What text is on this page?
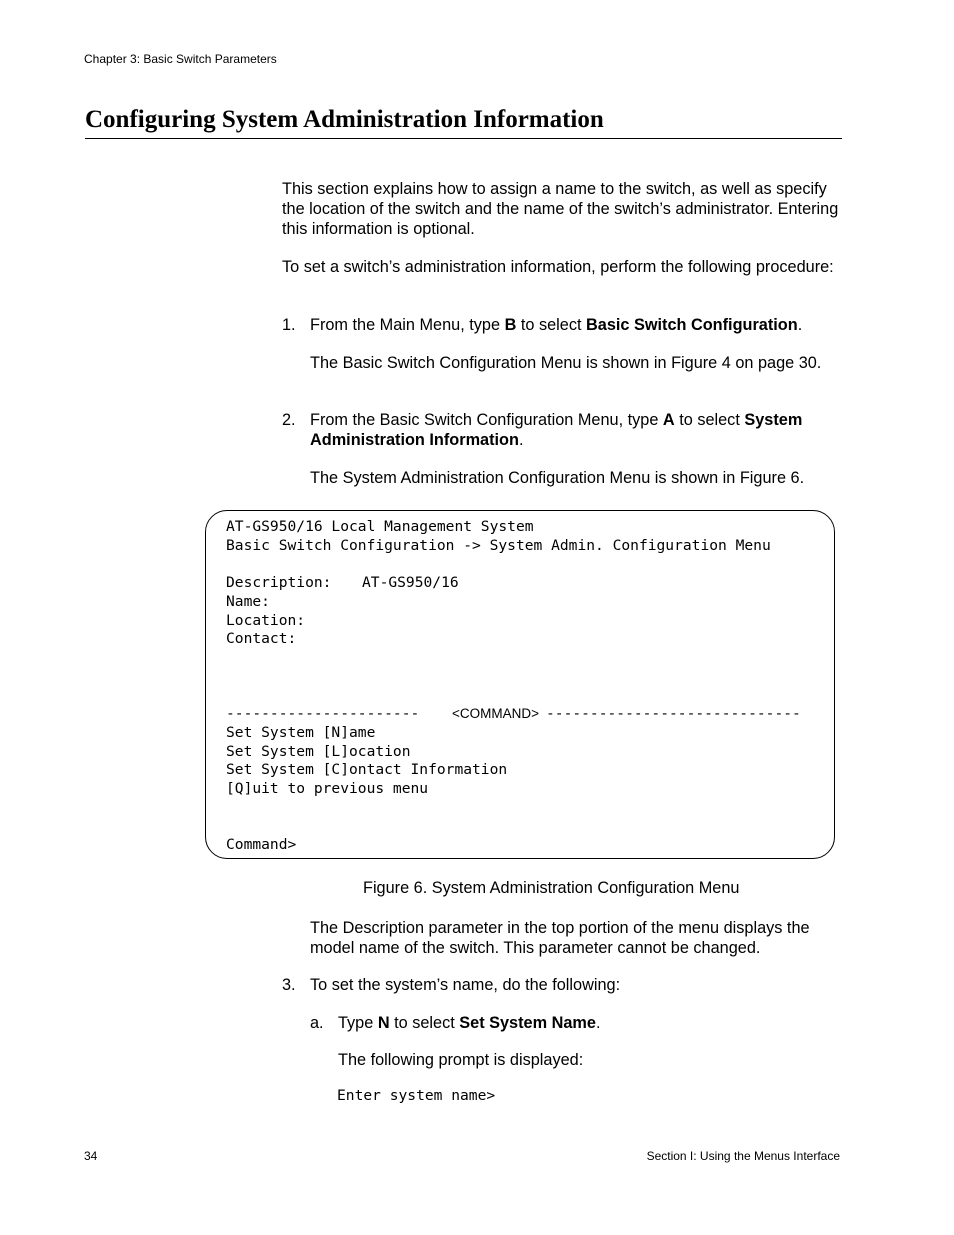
Chapter 3: Basic Switch Parameters
Configuring System Administration Information

This section explains how to assign a name to the switch, as well as specify the location of the switch and the name of the switch’s administrator. Entering this information is optional.

To set a switch’s administration information, perform the following procedure:

1. From the Main Menu, type B to select Basic Switch Configuration.

The Basic Switch Configuration Menu is shown in Figure 4 on page 30.

2. From the Basic Switch Configuration Menu, type A to select System Administration Information.

The System Administration Configuration Menu is shown in Figure 6.

AT-GS950/16 Local Management System
Basic Switch Configuration -> System Admin. Configuration Menu
Description: AT-GS950/16
Name:
Location:
Contact:
---------------------- <COMMAND> -----------------------------
Set System [N]ame
Set System [L]ocation
Set System [C]ontact Information
[Q]uit to previous menu
Command>
Figure 6. System Administration Configuration Menu

The Description parameter in the top portion of the menu displays the model name of the switch. This parameter cannot be changed.

3. To set the system’s name, do the following:

a. Type N to select Set System Name.

The following prompt is displayed:

Enter system name>
34	Section I: Using the Menus Interface
